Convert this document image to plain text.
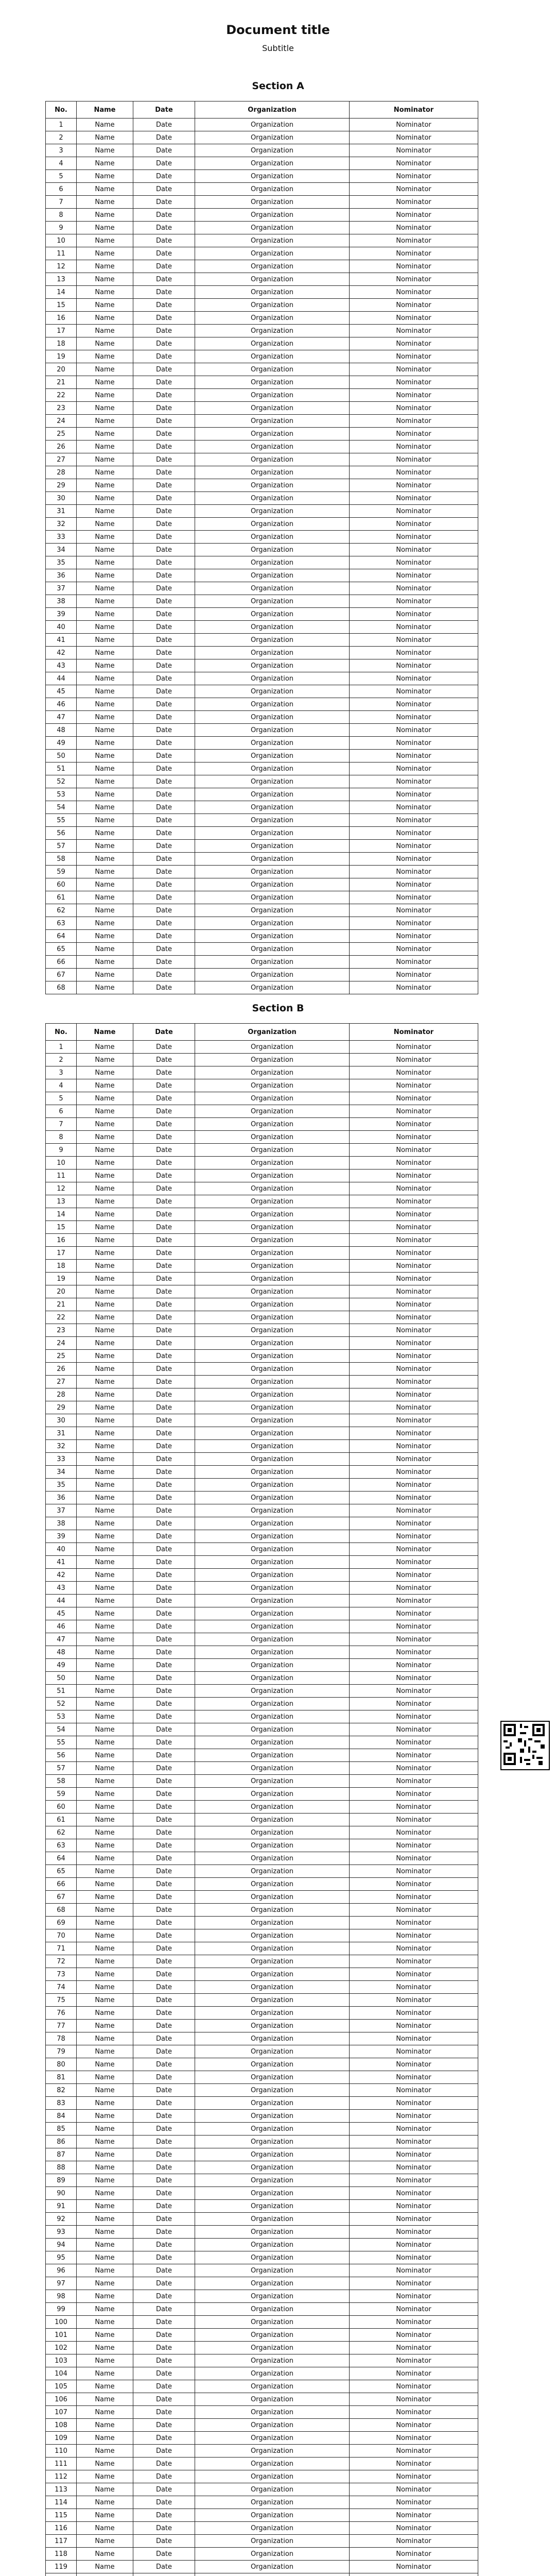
Document title
Subtitle
Section A
No.	Name	Date	Organization	Nominator
1	Name	Date	Organization	Nominator
2	Name	Date	Organization	Nominator
3	Name	Date	Organization	Nominator
4	Name	Date	Organization	Nominator
5	Name	Date	Organization	Nominator
6	Name	Date	Organization	Nominator
7	Name	Date	Organization	Nominator
8	Name	Date	Organization	Nominator
9	Name	Date	Organization	Nominator
10	Name	Date	Organization	Nominator
11	Name	Date	Organization	Nominator
12	Name	Date	Organization	Nominator
13	Name	Date	Organization	Nominator
14	Name	Date	Organization	Nominator
15	Name	Date	Organization	Nominator
16	Name	Date	Organization	Nominator
17	Name	Date	Organization	Nominator
18	Name	Date	Organization	Nominator
19	Name	Date	Organization	Nominator
20	Name	Date	Organization	Nominator
21	Name	Date	Organization	Nominator
22	Name	Date	Organization	Nominator
23	Name	Date	Organization	Nominator
24	Name	Date	Organization	Nominator
25	Name	Date	Organization	Nominator
26	Name	Date	Organization	Nominator
27	Name	Date	Organization	Nominator
28	Name	Date	Organization	Nominator
29	Name	Date	Organization	Nominator
30	Name	Date	Organization	Nominator
31	Name	Date	Organization	Nominator
32	Name	Date	Organization	Nominator
33	Name	Date	Organization	Nominator
34	Name	Date	Organization	Nominator
35	Name	Date	Organization	Nominator
36	Name	Date	Organization	Nominator
37	Name	Date	Organization	Nominator
38	Name	Date	Organization	Nominator
39	Name	Date	Organization	Nominator
40	Name	Date	Organization	Nominator
41	Name	Date	Organization	Nominator
42	Name	Date	Organization	Nominator
43	Name	Date	Organization	Nominator
44	Name	Date	Organization	Nominator
45	Name	Date	Organization	Nominator
46	Name	Date	Organization	Nominator
47	Name	Date	Organization	Nominator
48	Name	Date	Organization	Nominator
49	Name	Date	Organization	Nominator
50	Name	Date	Organization	Nominator
51	Name	Date	Organization	Nominator
52	Name	Date	Organization	Nominator
53	Name	Date	Organization	Nominator
54	Name	Date	Organization	Nominator
55	Name	Date	Organization	Nominator
56	Name	Date	Organization	Nominator
57	Name	Date	Organization	Nominator
58	Name	Date	Organization	Nominator
59	Name	Date	Organization	Nominator
60	Name	Date	Organization	Nominator
61	Name	Date	Organization	Nominator
62	Name	Date	Organization	Nominator
63	Name	Date	Organization	Nominator
64	Name	Date	Organization	Nominator
65	Name	Date	Organization	Nominator
66	Name	Date	Organization	Nominator
67	Name	Date	Organization	Nominator
68	Name	Date	Organization	Nominator
Section B
No.	Name	Date	Organization	Nominator
1	Name	Date	Organization	Nominator
2	Name	Date	Organization	Nominator
3	Name	Date	Organization	Nominator
4	Name	Date	Organization	Nominator
5	Name	Date	Organization	Nominator
6	Name	Date	Organization	Nominator
7	Name	Date	Organization	Nominator
8	Name	Date	Organization	Nominator
9	Name	Date	Organization	Nominator
10	Name	Date	Organization	Nominator
11	Name	Date	Organization	Nominator
12	Name	Date	Organization	Nominator
13	Name	Date	Organization	Nominator
14	Name	Date	Organization	Nominator
15	Name	Date	Organization	Nominator
16	Name	Date	Organization	Nominator
17	Name	Date	Organization	Nominator
18	Name	Date	Organization	Nominator
19	Name	Date	Organization	Nominator
20	Name	Date	Organization	Nominator
21	Name	Date	Organization	Nominator
22	Name	Date	Organization	Nominator
23	Name	Date	Organization	Nominator
24	Name	Date	Organization	Nominator
25	Name	Date	Organization	Nominator
26	Name	Date	Organization	Nominator
27	Name	Date	Organization	Nominator
28	Name	Date	Organization	Nominator
29	Name	Date	Organization	Nominator
30	Name	Date	Organization	Nominator
31	Name	Date	Organization	Nominator
32	Name	Date	Organization	Nominator
33	Name	Date	Organization	Nominator
34	Name	Date	Organization	Nominator
35	Name	Date	Organization	Nominator
36	Name	Date	Organization	Nominator
37	Name	Date	Organization	Nominator
38	Name	Date	Organization	Nominator
39	Name	Date	Organization	Nominator
40	Name	Date	Organization	Nominator
41	Name	Date	Organization	Nominator
42	Name	Date	Organization	Nominator
43	Name	Date	Organization	Nominator
44	Name	Date	Organization	Nominator
45	Name	Date	Organization	Nominator
46	Name	Date	Organization	Nominator
47	Name	Date	Organization	Nominator
48	Name	Date	Organization	Nominator
49	Name	Date	Organization	Nominator
50	Name	Date	Organization	Nominator
51	Name	Date	Organization	Nominator
52	Name	Date	Organization	Nominator
53	Name	Date	Organization	Nominator
54	Name	Date	Organization	Nominator
55	Name	Date	Organization	Nominator
56	Name	Date	Organization	Nominator
57	Name	Date	Organization	Nominator
58	Name	Date	Organization	Nominator
59	Name	Date	Organization	Nominator
60	Name	Date	Organization	Nominator
61	Name	Date	Organization	Nominator
62	Name	Date	Organization	Nominator
63	Name	Date	Organization	Nominator
64	Name	Date	Organization	Nominator
65	Name	Date	Organization	Nominator
66	Name	Date	Organization	Nominator
67	Name	Date	Organization	Nominator
68	Name	Date	Organization	Nominator
69	Name	Date	Organization	Nominator
70	Name	Date	Organization	Nominator
71	Name	Date	Organization	Nominator
72	Name	Date	Organization	Nominator
73	Name	Date	Organization	Nominator
74	Name	Date	Organization	Nominator
75	Name	Date	Organization	Nominator
76	Name	Date	Organization	Nominator
77	Name	Date	Organization	Nominator
78	Name	Date	Organization	Nominator
79	Name	Date	Organization	Nominator
80	Name	Date	Organization	Nominator
81	Name	Date	Organization	Nominator
82	Name	Date	Organization	Nominator
83	Name	Date	Organization	Nominator
84	Name	Date	Organization	Nominator
85	Name	Date	Organization	Nominator
86	Name	Date	Organization	Nominator
87	Name	Date	Organization	Nominator
88	Name	Date	Organization	Nominator
89	Name	Date	Organization	Nominator
90	Name	Date	Organization	Nominator
91	Name	Date	Organization	Nominator
92	Name	Date	Organization	Nominator
93	Name	Date	Organization	Nominator
94	Name	Date	Organization	Nominator
95	Name	Date	Organization	Nominator
96	Name	Date	Organization	Nominator
97	Name	Date	Organization	Nominator
98	Name	Date	Organization	Nominator
99	Name	Date	Organization	Nominator
100	Name	Date	Organization	Nominator
101	Name	Date	Organization	Nominator
102	Name	Date	Organization	Nominator
103	Name	Date	Organization	Nominator
104	Name	Date	Organization	Nominator
105	Name	Date	Organization	Nominator
106	Name	Date	Organization	Nominator
107	Name	Date	Organization	Nominator
108	Name	Date	Organization	Nominator
109	Name	Date	Organization	Nominator
110	Name	Date	Organization	Nominator
111	Name	Date	Organization	Nominator
112	Name	Date	Organization	Nominator
113	Name	Date	Organization	Nominator
114	Name	Date	Organization	Nominator
115	Name	Date	Organization	Nominator
116	Name	Date	Organization	Nominator
117	Name	Date	Organization	Nominator
118	Name	Date	Organization	Nominator
119	Name	Date	Organization	Nominator
